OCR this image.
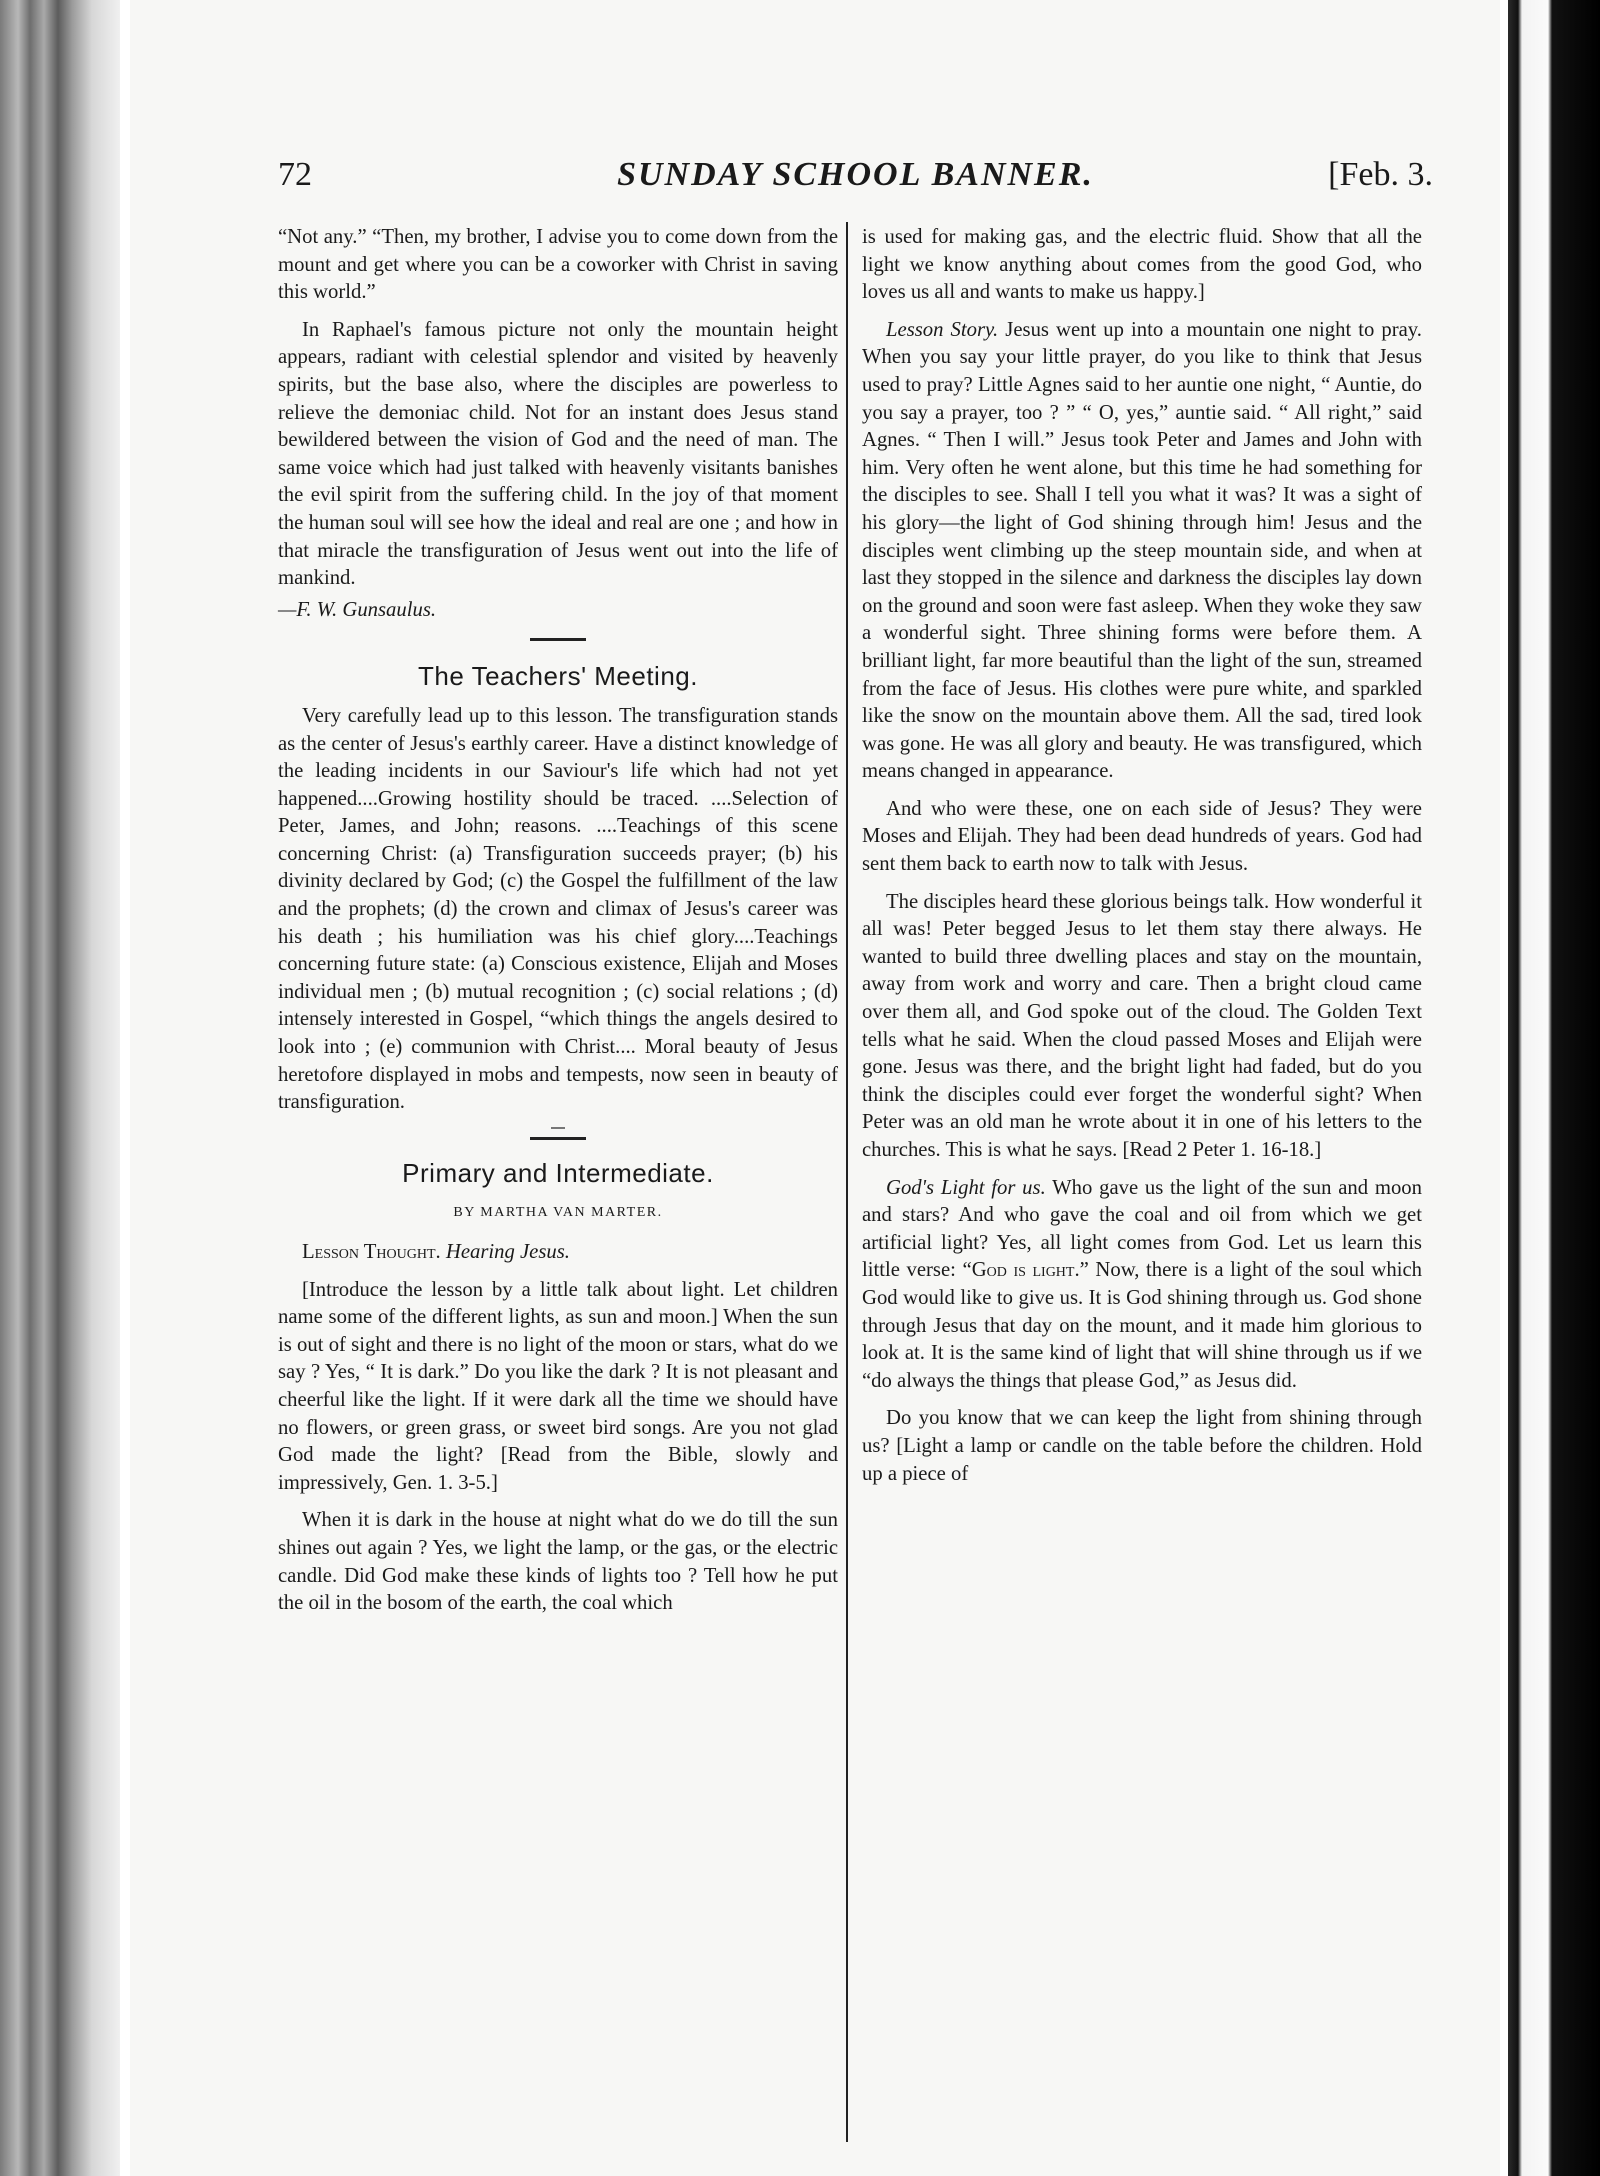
72	SUNDAY SCHOOL BANNER.	[Feb. 3.

“Not any.” “Then, my brother, I advise you to come down from the mount and get where you can be a coworker with Christ in saving this world.”

In Raphael's famous picture not only the mountain height appears, radiant with celestial splendor and visited by heavenly spirits, but the base also, where the disciples are powerless to relieve the demoniac child. Not for an instant does Jesus stand bewildered between the vision of God and the need of man. The same voice which had just talked with heavenly visitants banishes the evil spirit from the suffering child. In the joy of that moment the human soul will see how the ideal and real are one ; and how in that miracle the transfiguration of Jesus went out into the life of mankind.

—F. W. Gunsaulus.

The Teachers' Meeting.

Very carefully lead up to this lesson. The transfiguration stands as the center of Jesus's earthly career. Have a distinct knowledge of the leading incidents in our Saviour's life which had not yet happened....Growing hostility should be traced. ....Selection of Peter, James, and John; reasons. ....Teachings of this scene concerning Christ: (a) Transfiguration succeeds prayer; (b) his divinity declared by God; (c) the Gospel the fulfillment of the law and the prophets; (d) the crown and climax of Jesus's career was his death ; his humiliation was his chief glory....Teachings concerning future state: (a) Conscious existence, Elijah and Moses individual men ; (b) mutual recognition ; (c) social relations ; (d) intensely interested in Gospel, “which things the angels desired to look into ; (e) communion with Christ.... Moral beauty of Jesus heretofore displayed in mobs and tempests, now seen in beauty of transfiguration.

Primary and Intermediate.

BY MARTHA VAN MARTER.

Lesson Thought. Hearing Jesus.

[Introduce the lesson by a little talk about light. Let children name some of the different lights, as sun and moon.] When the sun is out of sight and there is no light of the moon or stars, what do we say ? Yes, “ It is dark.” Do you like the dark ? It is not pleasant and cheerful like the light. If it were dark all the time we should have no flowers, or green grass, or sweet bird songs. Are you not glad God made the light? [Read from the Bible, slowly and impressively, Gen. 1. 3-5.]

When it is dark in the house at night what do we do till the sun shines out again ? Yes, we light the lamp, or the gas, or the electric candle. Did God make these kinds of lights too ? Tell how he put the oil in the bosom of the earth, the coal which

is used for making gas, and the electric fluid. Show that all the light we know anything about comes from the good God, who loves us all and wants to make us happy.]

Lesson Story. Jesus went up into a mountain one night to pray. When you say your little prayer, do you like to think that Jesus used to pray? Little Agnes said to her auntie one night, “ Auntie, do you say a prayer, too ? ” “ O, yes,” auntie said. “ All right,” said Agnes. “ Then I will.” Jesus took Peter and James and John with him. Very often he went alone, but this time he had something for the disciples to see. Shall I tell you what it was? It was a sight of his glory—the light of God shining through him! Jesus and the disciples went climbing up the steep mountain side, and when at last they stopped in the silence and darkness the disciples lay down on the ground and soon were fast asleep. When they woke they saw a wonderful sight. Three shining forms were before them. A brilliant light, far more beautiful than the light of the sun, streamed from the face of Jesus. His clothes were pure white, and sparkled like the snow on the mountain above them. All the sad, tired look was gone. He was all glory and beauty. He was transfigured, which means changed in appearance.

And who were these, one on each side of Jesus? They were Moses and Elijah. They had been dead hundreds of years. God had sent them back to earth now to talk with Jesus.

The disciples heard these glorious beings talk. How wonderful it all was! Peter begged Jesus to let them stay there always. He wanted to build three dwelling places and stay on the mountain, away from work and worry and care. Then a bright cloud came over them all, and God spoke out of the cloud. The Golden Text tells what he said. When the cloud passed Moses and Elijah were gone. Jesus was there, and the bright light had faded, but do you think the disciples could ever forget the wonderful sight? When Peter was an old man he wrote about it in one of his letters to the churches. This is what he says. [Read 2 Peter 1. 16-18.]

God's Light for us. Who gave us the light of the sun and moon and stars? And who gave the coal and oil from which we get artificial light? Yes, all light comes from God. Let us learn this little verse: “God is light.” Now, there is a light of the soul which God would like to give us. It is God shining through us. God shone through Jesus that day on the mount, and it made him glorious to look at. It is the same kind of light that will shine through us if we “do always the things that please God,” as Jesus did.

Do you know that we can keep the light from shining through us? [Light a lamp or candle on the table before the children. Hold up a piece of
